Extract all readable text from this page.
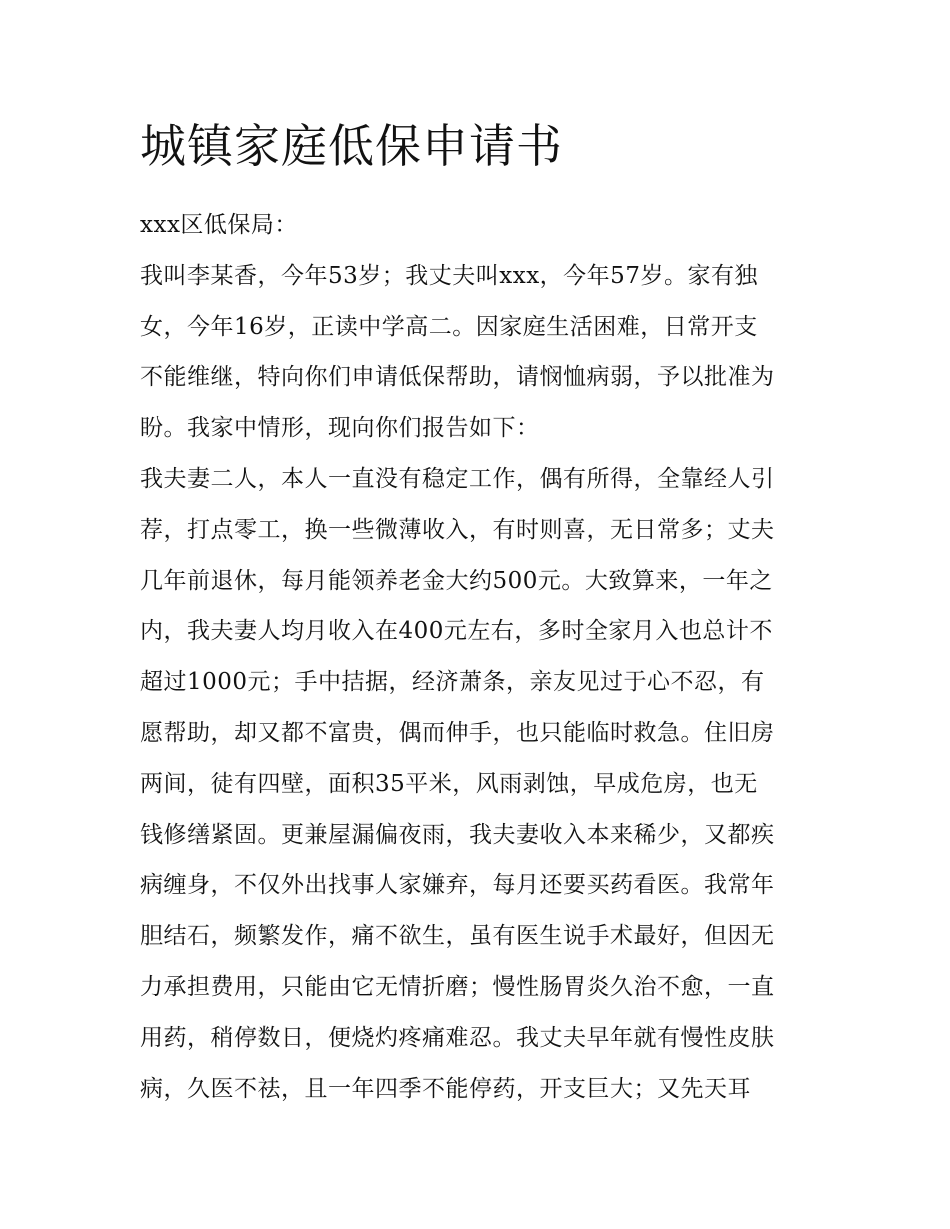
城镇家庭低保申请书
xxx区低保局：
我叫李某香，今年53岁；我丈夫叫xxx，今年57岁。家有独
女，今年16岁，正读中学高二。因家庭生活困难，日常开支
不能维继，特向你们申请低保帮助，请悯恤病弱，予以批准为
盼。我家中情形，现向你们报告如下：
我夫妻二人，本人一直没有稳定工作，偶有所得，全靠经人引
荐，打点零工，换一些微薄收入，有时则喜，无日常多；丈夫
几年前退休，每月能领养老金大约500元。大致算来，一年之
内，我夫妻人均月收入在400元左右，多时全家月入也总计不
超过1000元；手中拮据，经济萧条，亲友见过于心不忍，有
愿帮助，却又都不富贵，偶而伸手，也只能临时救急。住旧房
两间，徒有四壁，面积35平米，风雨剥蚀，早成危房，也无
钱修缮紧固。更兼屋漏偏夜雨，我夫妻收入本来稀少，又都疾
病缠身，不仅外出找事人家嫌弃，每月还要买药看医。我常年
胆结石，频繁发作，痛不欲生，虽有医生说手术最好，但因无
力承担费用，只能由它无情折磨；慢性肠胃炎久治不愈，一直
用药，稍停数日，便烧灼疼痛难忍。我丈夫早年就有慢性皮肤
病，久医不祛，且一年四季不能停药，开支巨大；又先天耳
